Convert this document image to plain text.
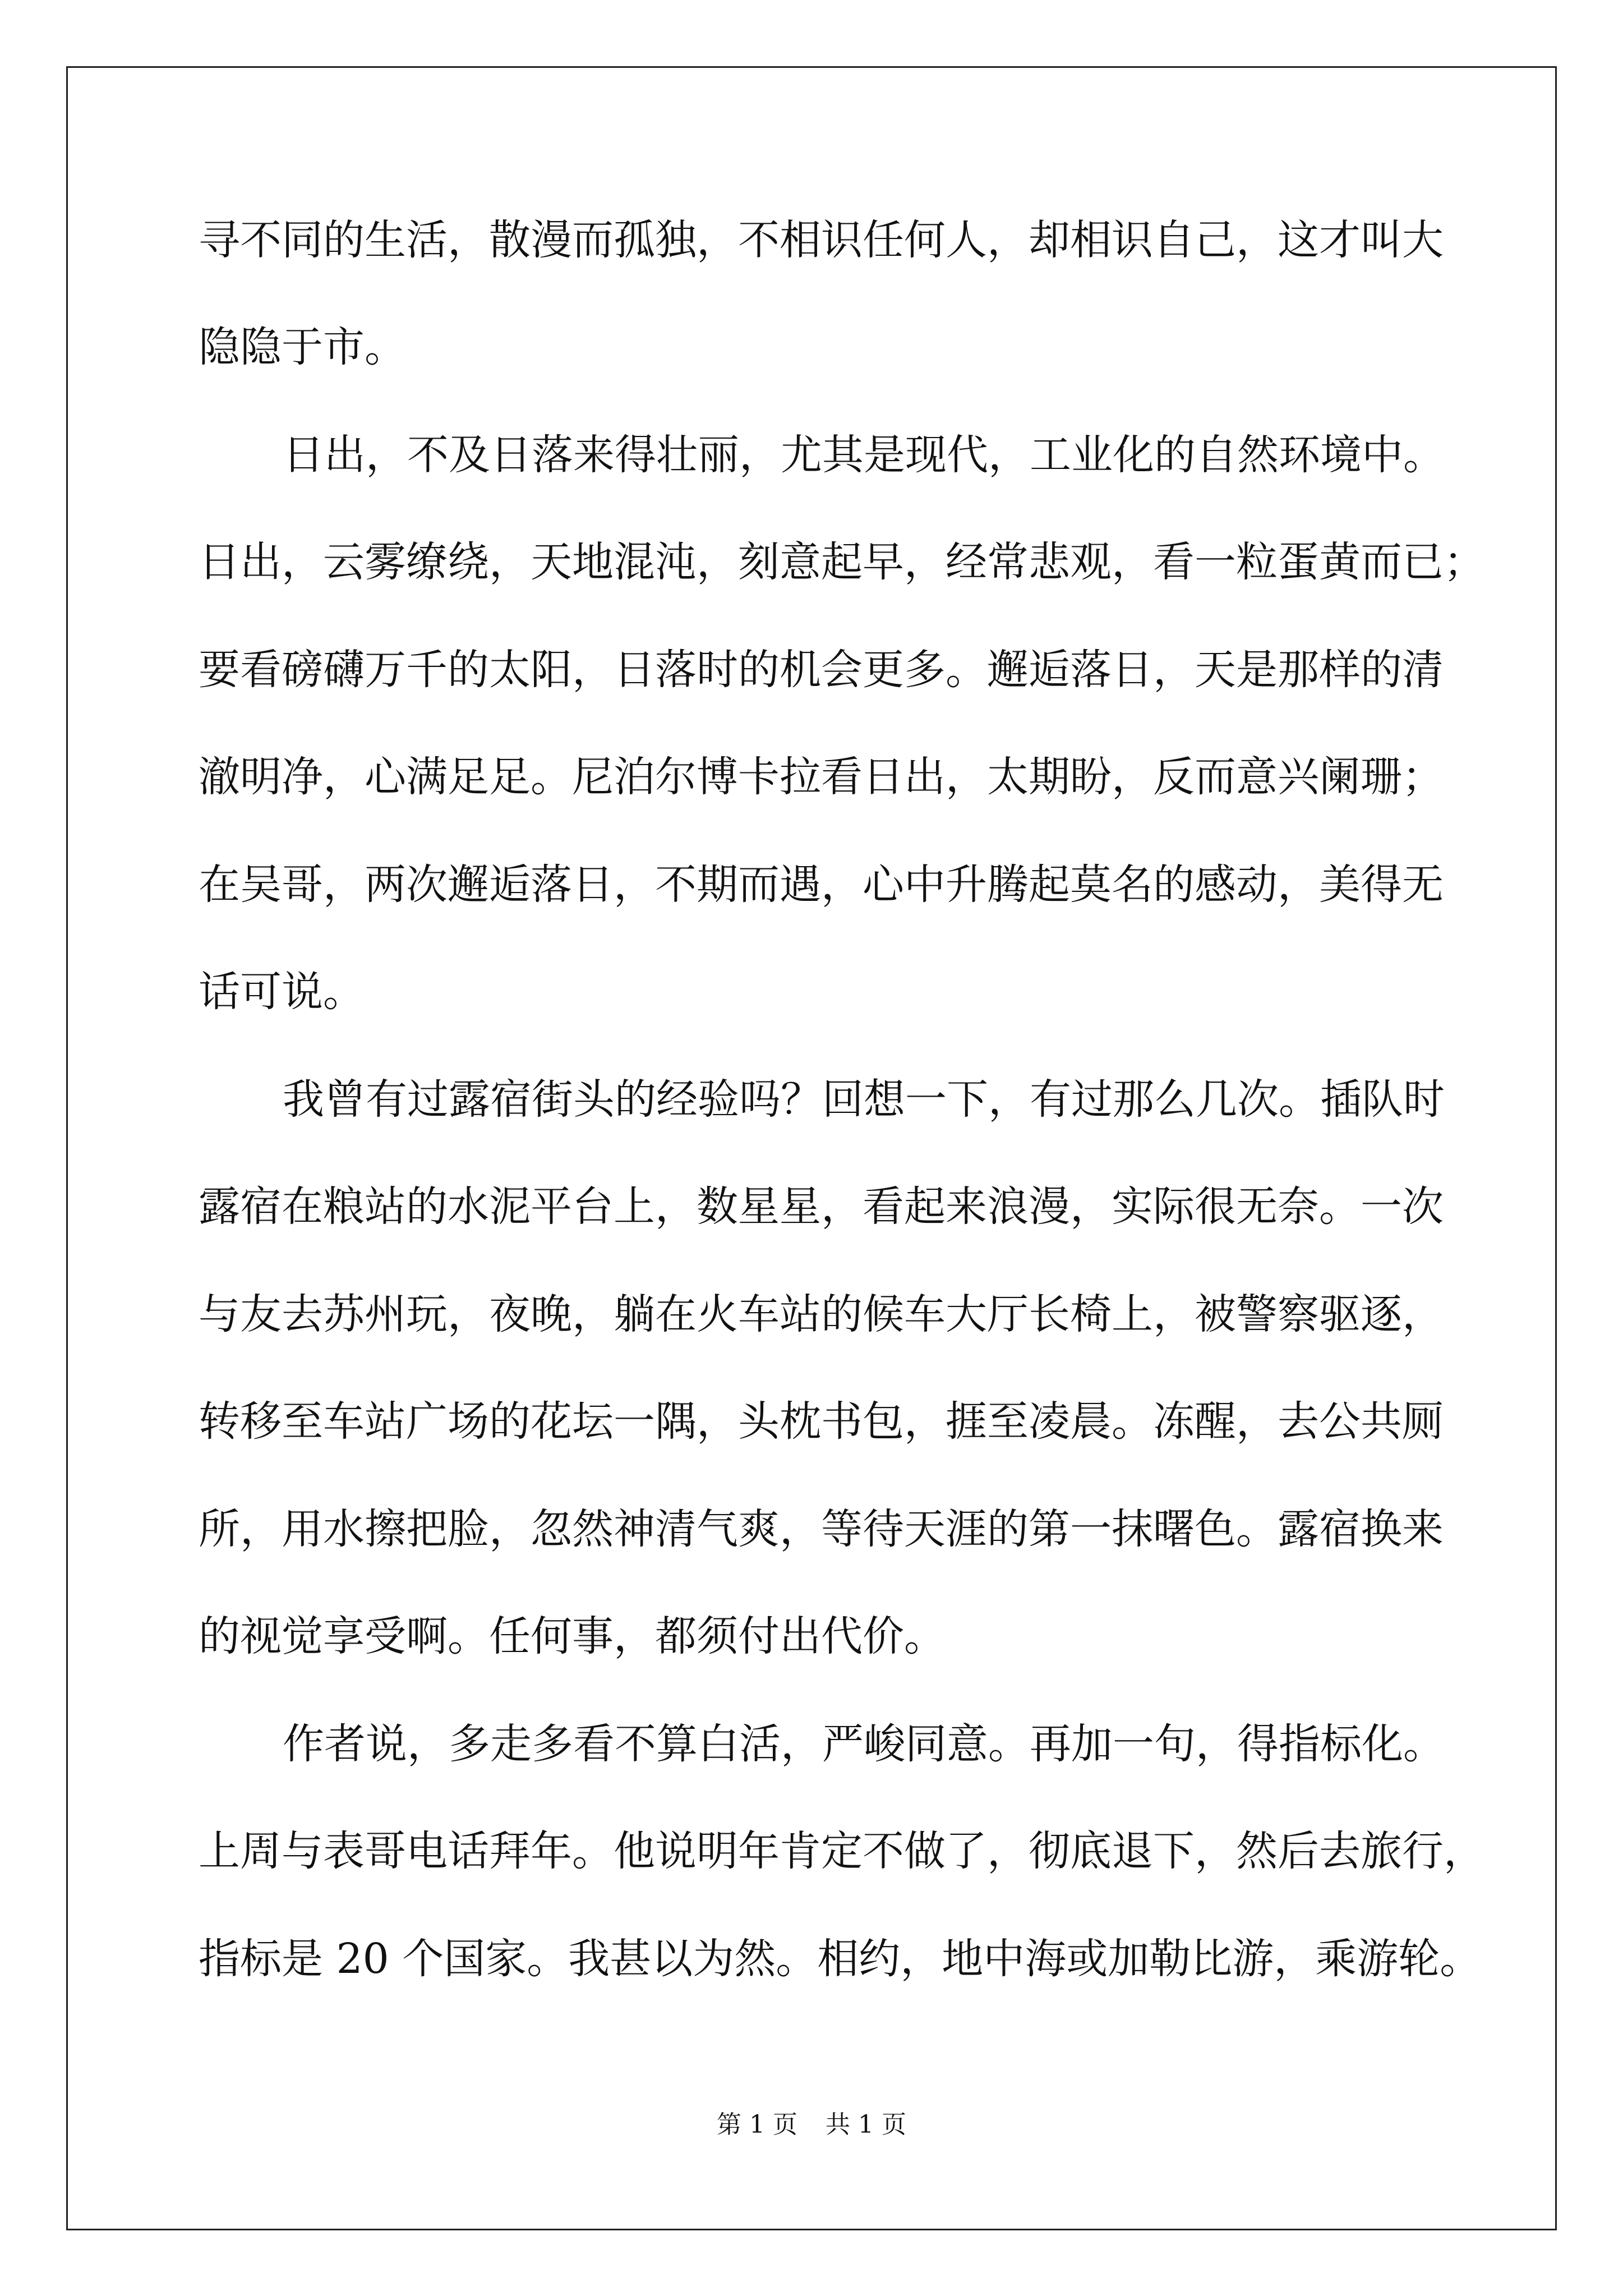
寻不同的生活，散漫而孤独，不相识任何人，却相识自己，这才叫大
隐隐于市。
日出，不及日落来得壮丽，尤其是现代，工业化的自然环境中。
日出，云雾缭绕，天地混沌，刻意起早，经常悲观，看一粒蛋黄而已；
要看磅礴万千的太阳，日落时的机会更多。邂逅落日，天是那样的清
澈明净，心满足足。尼泊尔博卡拉看日出，太期盼，反而意兴阑珊；
在吴哥，两次邂逅落日，不期而遇，心中升腾起莫名的感动，美得无
话可说。
我曾有过露宿街头的经验吗？回想一下，有过那么几次。插队时
露宿在粮站的水泥平台上，数星星，看起来浪漫，实际很无奈。一次
与友去苏州玩，夜晚，躺在火车站的候车大厅长椅上，被警察驱逐，
转移至车站广场的花坛一隅，头枕书包，捱至凌晨。冻醒，去公共厕
所，用水擦把脸，忽然神清气爽，等待天涯的第一抹曙色。露宿换来
的视觉享受啊。任何事，都须付出代价。
作者说，多走多看不算白活，严峻同意。再加一句，得指标化。
上周与表哥电话拜年。他说明年肯定不做了，彻底退下，然后去旅行，
指标是 20 个国家。我甚以为然。相约，地中海或加勒比游，乘游轮。
第 1 页 共 1 页
